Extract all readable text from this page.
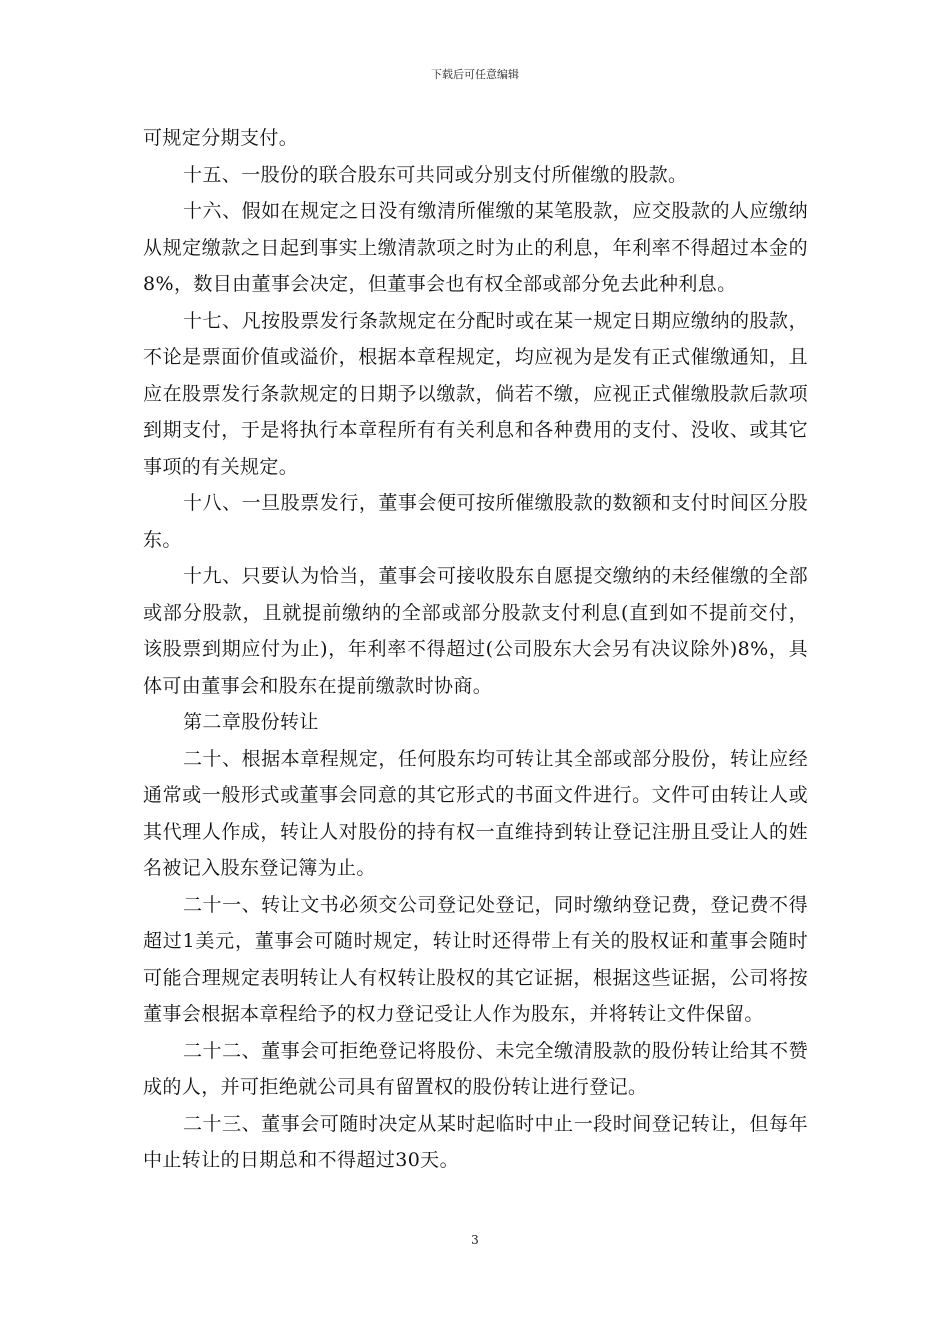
下载后可任意编辑

可规定分期支付。

十五、一股份的联合股东可共同或分别支付所催缴的股款。

十六、假如在规定之日没有缴清所催缴的某笔股款，应交股款的人应缴纳从规定缴款之日起到事实上缴清款项之时为止的利息，年利率不得超过本金的8%，数目由董事会决定，但董事会也有权全部或部分免去此种利息。

十七、凡按股票发行条款规定在分配时或在某一规定日期应缴纳的股款，不论是票面价值或溢价，根据本章程规定，均应视为是发有正式催缴通知，且应在股票发行条款规定的日期予以缴款，倘若不缴，应视正式催缴股款后款项到期支付，于是将执行本章程所有有关利息和各种费用的支付、没收、或其它事项的有关规定。

十八、一旦股票发行，董事会便可按所催缴股款的数额和支付时间区分股东。

十九、只要认为恰当，董事会可接收股东自愿提交缴纳的未经催缴的全部或部分股款，且就提前缴纳的全部或部分股款支付利息(直到如不提前交付，该股票到期应付为止)，年利率不得超过(公司股东大会另有决议除外)8%，具体可由董事会和股东在提前缴款时协商。

第二章股份转让

二十、根据本章程规定，任何股东均可转让其全部或部分股份，转让应经通常或一般形式或董事会同意的其它形式的书面文件进行。文件可由转让人或其代理人作成，转让人对股份的持有权一直维持到转让登记注册且受让人的姓名被记入股东登记簿为止。

二十一、转让文书必须交公司登记处登记，同时缴纳登记费，登记费不得超过1美元，董事会可随时规定，转让时还得带上有关的股权证和董事会随时可能合理规定表明转让人有权转让股权的其它证据，根据这些证据，公司将按董事会根据本章程给予的权力登记受让人作为股东，并将转让文件保留。

二十二、董事会可拒绝登记将股份、未完全缴清股款的股份转让给其不赞成的人，并可拒绝就公司具有留置权的股份转让进行登记。

二十三、董事会可随时决定从某时起临时中止一段时间登记转让，但每年中止转让的日期总和不得超过30天。

3
